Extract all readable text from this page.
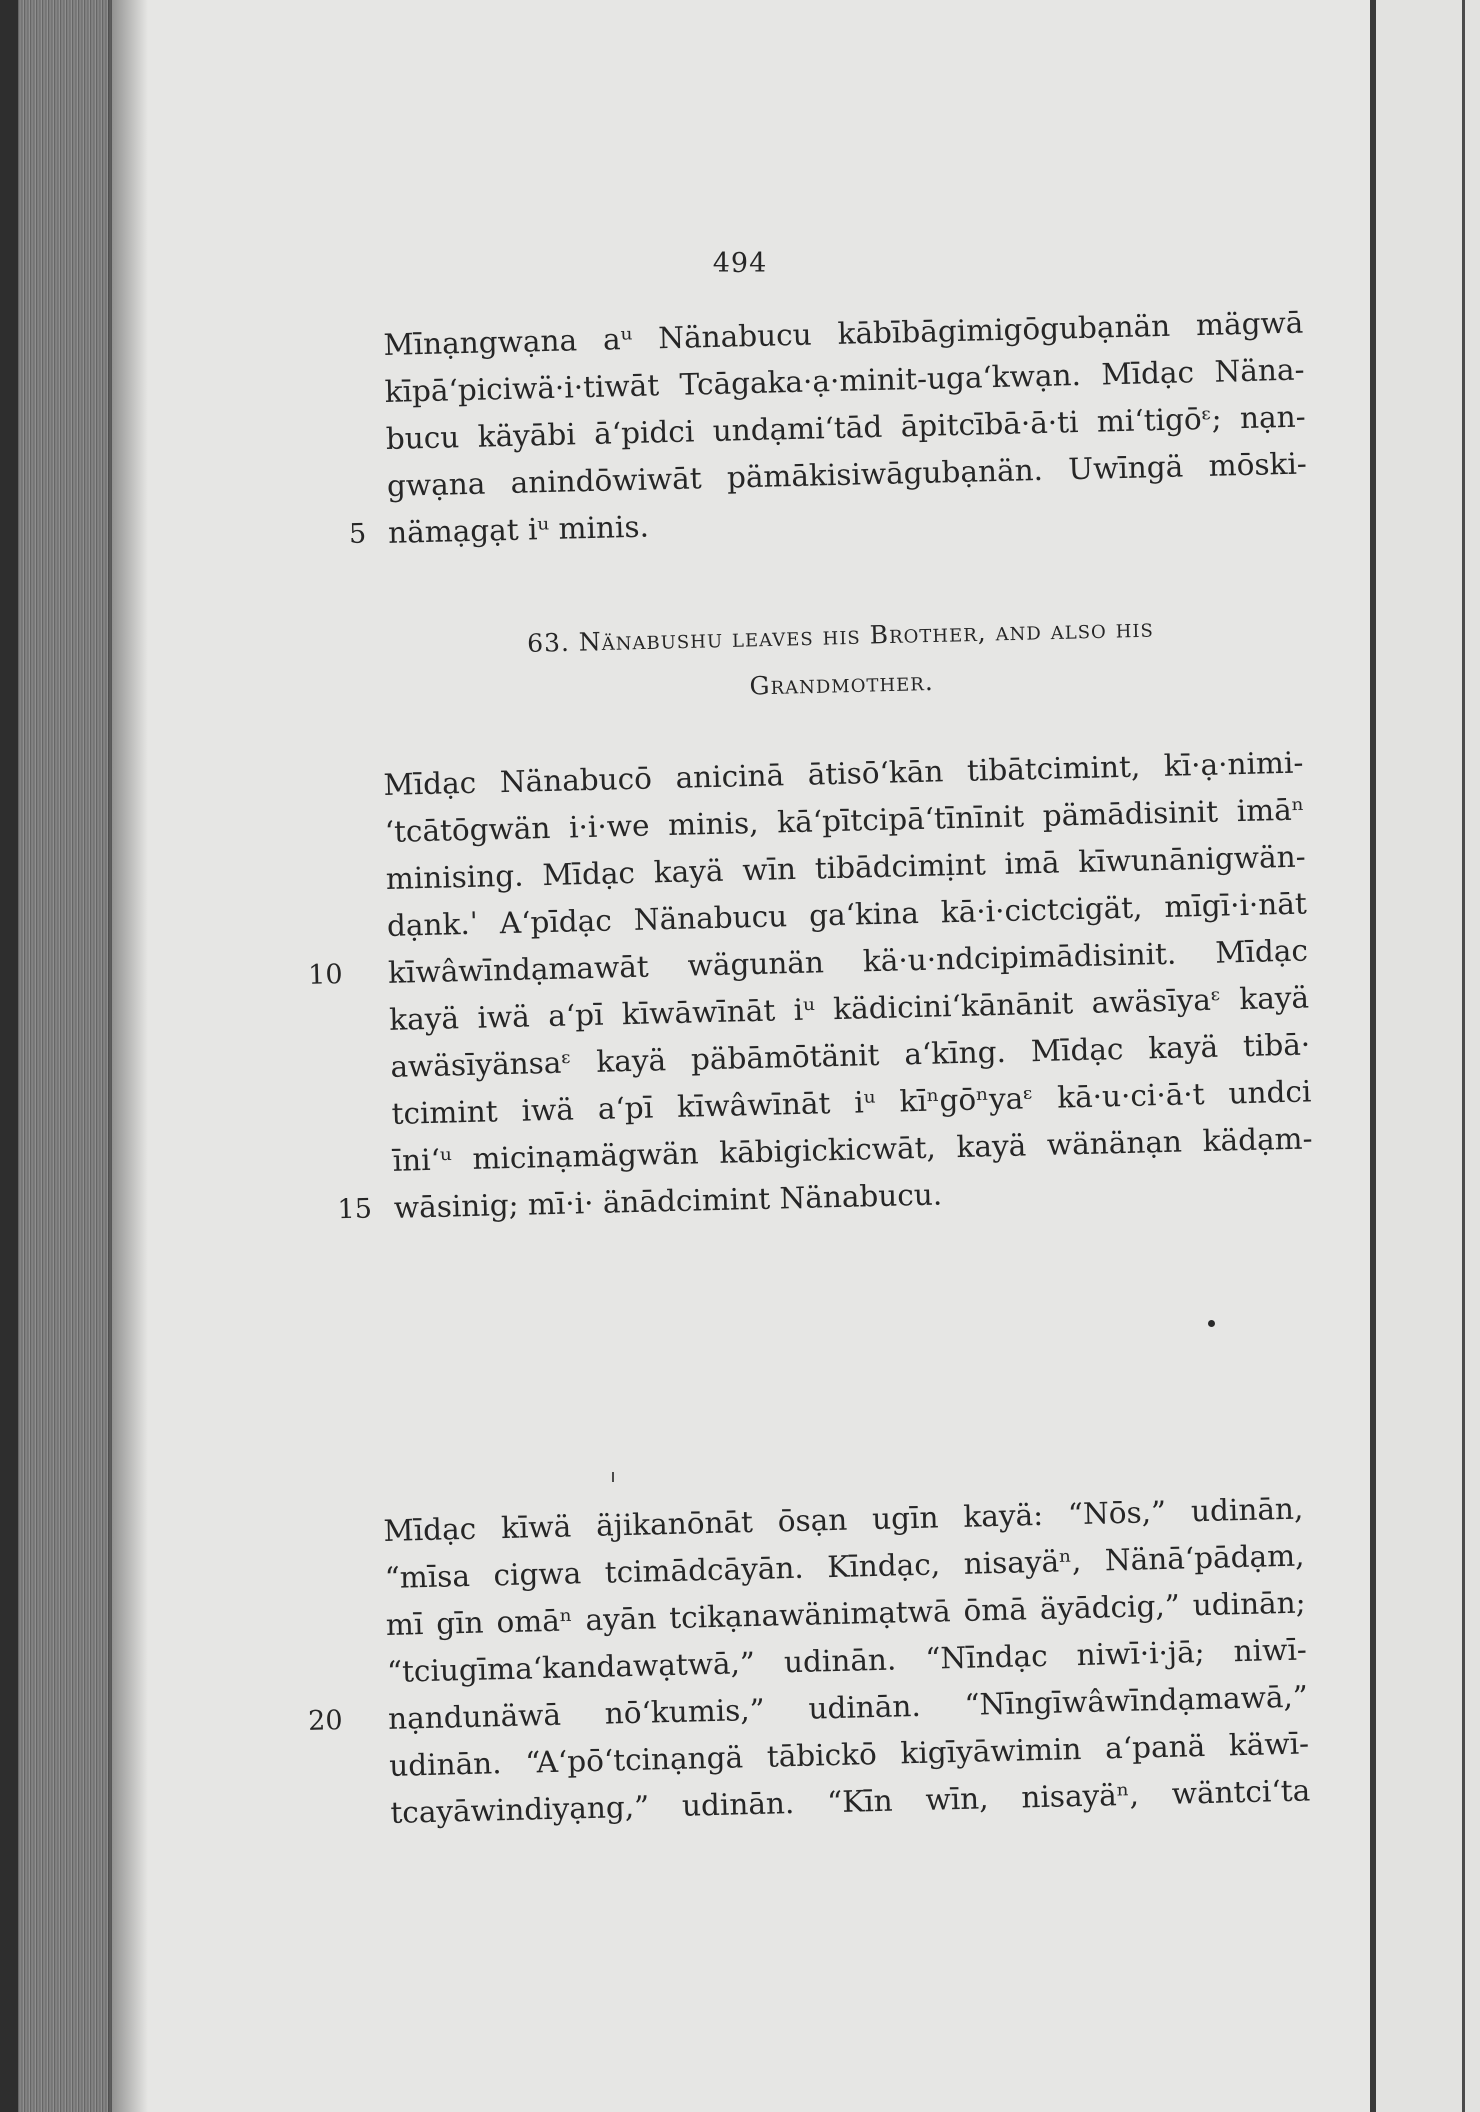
494
Mīnạngwạna aᵘ Nänabucu kābībāgimigōgubạnän mägwā
kīpāʻpiciwä·i·tiwāt Tcāgaka·ạ·minit-ugaʻkwạn. Mīdạc Näna-
bucu käyābi āʻpidci undạmiʻtād āpitcībā·ā·ti miʻtigōᵋ; nạn-
gwạna anindōwiwāt pämākisiwāgubạnän. Uwīngä mōski-
5 nämạgạt iᵘ minis.
63. Nänabushu leaves his Brother, and also his
Grandmother.
Mīdạc Nänabucō anicinā ātisōʻkān tibātcimint, kī·ạ·nimi-
ʻtcātōgwän i·i·we minis, kāʻpītcipāʻtīnīnit pämādisinit imāⁿ
minising. Mīdạc kayä wīn tibādcimịnt imā kīwunānigwän-
dạnk.ˈ Aʻpīdạc Nänabucu gaʻkina kā·i·cictcigät, mīgī·i·nāt
10	kīwâwīndạmawāt wägunän kä·u·ndcipimādisinit. Mīdạc
kayä iwä aʻpī kīwāwīnāt iᵘ kädiciniʻkānānit awäsīyaᵋ kayä
awäsīyänsaᵋ kayä päbāmōtänit aʻkīng. Mīdạc kayä tibā·
tcimint iwä aʻpī kīwâwīnāt iᵘ kīⁿgōⁿyaᵋ kā·u·ci·ā·t undci
īniʻᵘ micinạmägwän kābigickicwāt, kayä wänänạn kädạm-
15 wāsinig; mī·i· änādcimint Nänabucu.
Mīdạc kīwä äjikanōnāt ōsạn ugīn kayä: “Nōs,” udinān,
“mīsa cigwa tcimādcāyān. Kīndạc, nisayäⁿ, Nänāʻpādạm,
mī gīn omāⁿ ayān tcikạnawänimạtwā ōmā äyādcig,” udinān;
“tciugīmaʻkandawạtwā,” udinān. “Nīndạc niwī·i·jā; niwī-
20	nạndunäwā nōʻkumis,” udinān. “Nīngīwâwīndạmawā,”
udinān. “Aʻpōʻtcinạngä tābickō kigīyāwimin aʻpanä käwī-
tcayāwindiyạng,” udinān. “Kīn wīn, nisayäⁿ, wäntciʻta
